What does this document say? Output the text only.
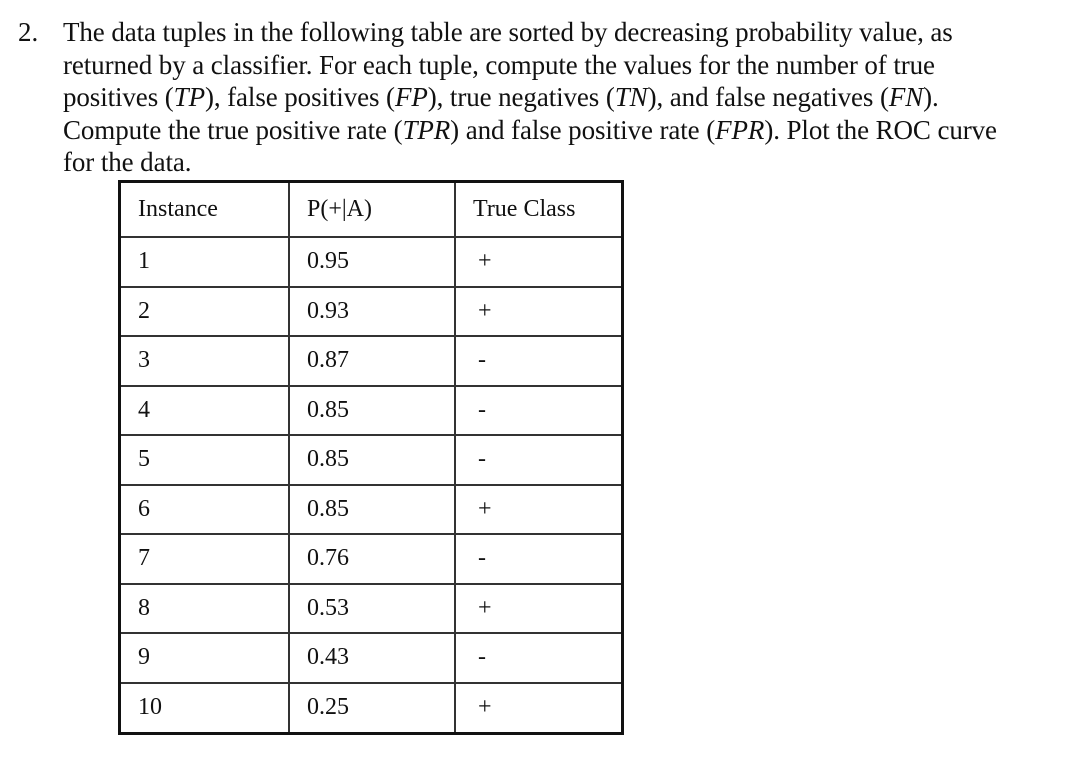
2. The data tuples in the following table are sorted by decreasing probability value, as
returned by a classifier. For each tuple, compute the values for the number of true
positives (TP), false positives (FP), true negatives (TN), and false negatives (FN).
Compute the true positive rate (TPR) and false positive rate (FPR). Plot the ROC curve
for the data.
Instance	P(+|A)	True Class
1	0.95	+
2	0.93	+
3	0.87	-
4	0.85	-
5	0.85	-
6	0.85	+
7	0.76	-
8	0.53	+
9	0.43	-
10	0.25	+
